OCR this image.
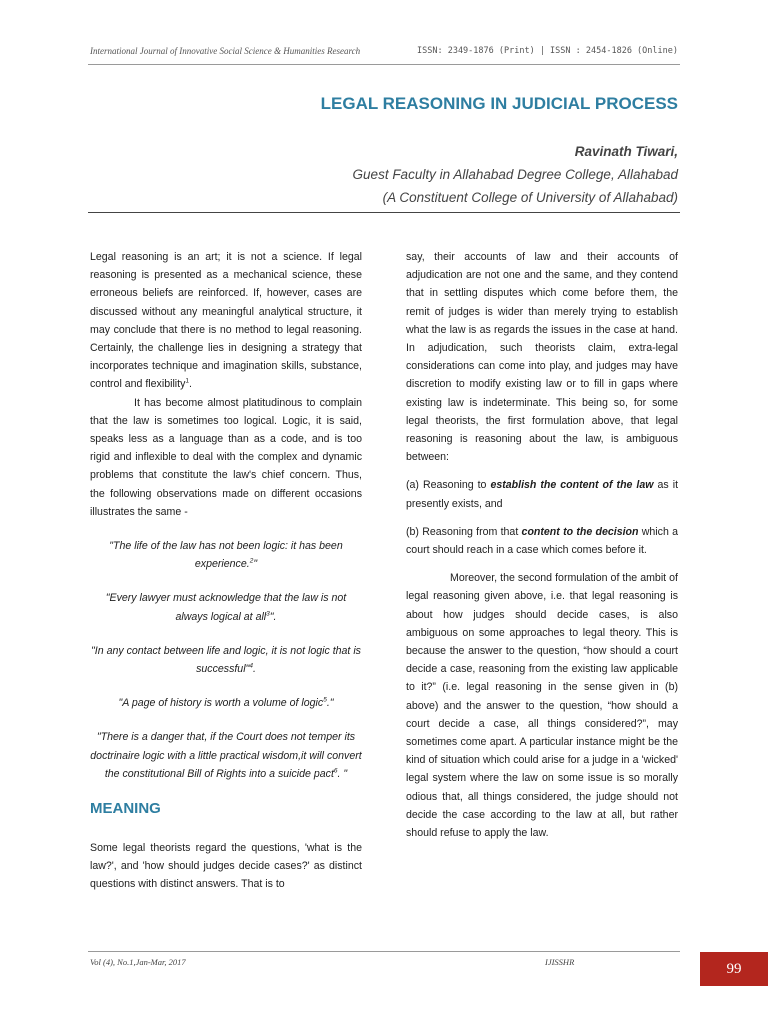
International Journal of Innovative Social Science & Humanities Research	ISSN: 2349-1876 (Print) | ISSN : 2454-1826 (Online)
LEGAL REASONING IN JUDICIAL PROCESS
Ravinath Tiwari,
Guest Faculty in Allahabad Degree College, Allahabad
(A Constituent College of University of Allahabad)

Legal reasoning is an art; it is not a science. If legal reasoning is presented as a mechanical science, these erroneous beliefs are reinforced. If, however, cases are discussed without any meaningful analytical structure, it may conclude that there is no method to legal reasoning. Certainly, the challenge lies in designing a strategy that incorporates technique and imagination skills, substance, control and flexibility$^1$.

It has become almost platitudinous to complain that the law is sometimes too logical. Logic, it is said, speaks less as a language than as a code, and is too rigid and inflexible to deal with the complex and dynamic problems that constitute the law's chief concern. Thus, the following observations made on different occasions illustrates the same -

"The life of the law has not been logic: it has been experience.$^2$"

"Every lawyer must acknowledge that the law is not always logical at all$^3$".

"In any contact between life and logic, it is not logic that is successful"$^4$.

"A page of history is worth a volume of logic$^5$."

"There is a danger that, if the Court does not temper its doctrinaire logic with a little practical wisdom,it will convert the constitutional Bill of Rights into a suicide pact$^6$. "

MEANING

Some legal theorists regard the questions, 'what is the law?', and 'how should judges decide cases?' as distinct questions with distinct answers. That is to

say, their accounts of law and their accounts of adjudication are not one and the same, and they contend that in settling disputes which come before them, the remit of judges is wider than merely trying to establish what the law is as regards the issues in the case at hand. In adjudication, such theorists claim, extra-legal considerations can come into play, and judges may have discretion to modify existing law or to fill in gaps where existing law is indeterminate. This being so, for some legal theorists, the first formulation above, that legal reasoning is reasoning about the law, is ambiguous between:

(a) Reasoning to establish the content of the law as it presently exists, and

(b) Reasoning from that content to the decision which a court should reach in a case which comes before it.

Moreover, the second formulation of the ambit of legal reasoning given above, i.e. that legal reasoning is about how judges should decide cases, is also ambiguous on some approaches to legal theory. This is because the answer to the question, “how should a court decide a case, reasoning from the existing law applicable to it?” (i.e. legal reasoning in the sense given in (b) above) and the answer to the question, “how should a court decide a case, all things considered?”, may sometimes come apart. A particular instance might be the kind of situation which could arise for a judge in a 'wicked' legal system where the law on some issue is so morally odious that, all things considered, the judge should not decide the case according to the law at all, but rather should refuse to apply the law.

Vol (4), No.1,Jan-Mar, 2017	IJISSHR	99
